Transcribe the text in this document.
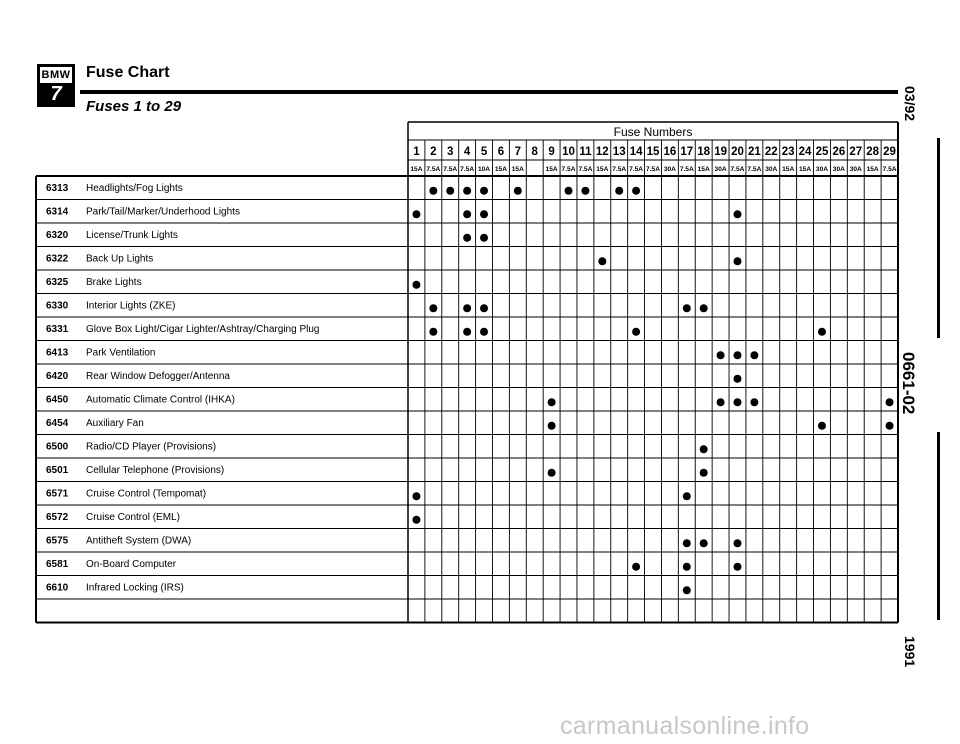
BMW
7
Fuse Chart
Fuses 1 to 29	03/92
0661-02
1991
Fuse Numbers
1
15A
2
7.5A
3
7.5A
4
7.5A
5
10A
6
15A
7
15A
8 9
15A
10
7.5A
11
7.5A
12
15A
13
7.5A
14
7.5A
15
7.5A
16
30A
17
7.5A
18
15A
19
30A
20
7.5A
21
7.5A
22
30A
23
15A
24
15A
25
30A
26
30A
27
30A
28
15A
29
7.5A
6313 Headlights/Fog Lights
6314 Park/Tail/Marker/Underhood Lights
6320 License/Trunk Lights
6322 Back Up Lights
6325 Brake Lights
6330 Interior Lights (ZKE)
6331 Glove Box Light/Cigar Lighter/Ashtray/Charging Plug
6413 Park Ventilation
6420 Rear Window Defogger/Antenna
6450 Automatic Climate Control (IHKA)
6454 Auxiliary Fan
6500 Radio/CD Player (Provisions)
6501 Cellular Telephone (Provisions)
6571 Cruise Control (Tempomat)
6572 Cruise Control (EML)
6575 Antitheft System (DWA)
6581 On-Board Computer
6610 Infrared Locking (IRS)
carmanualsonline.info
